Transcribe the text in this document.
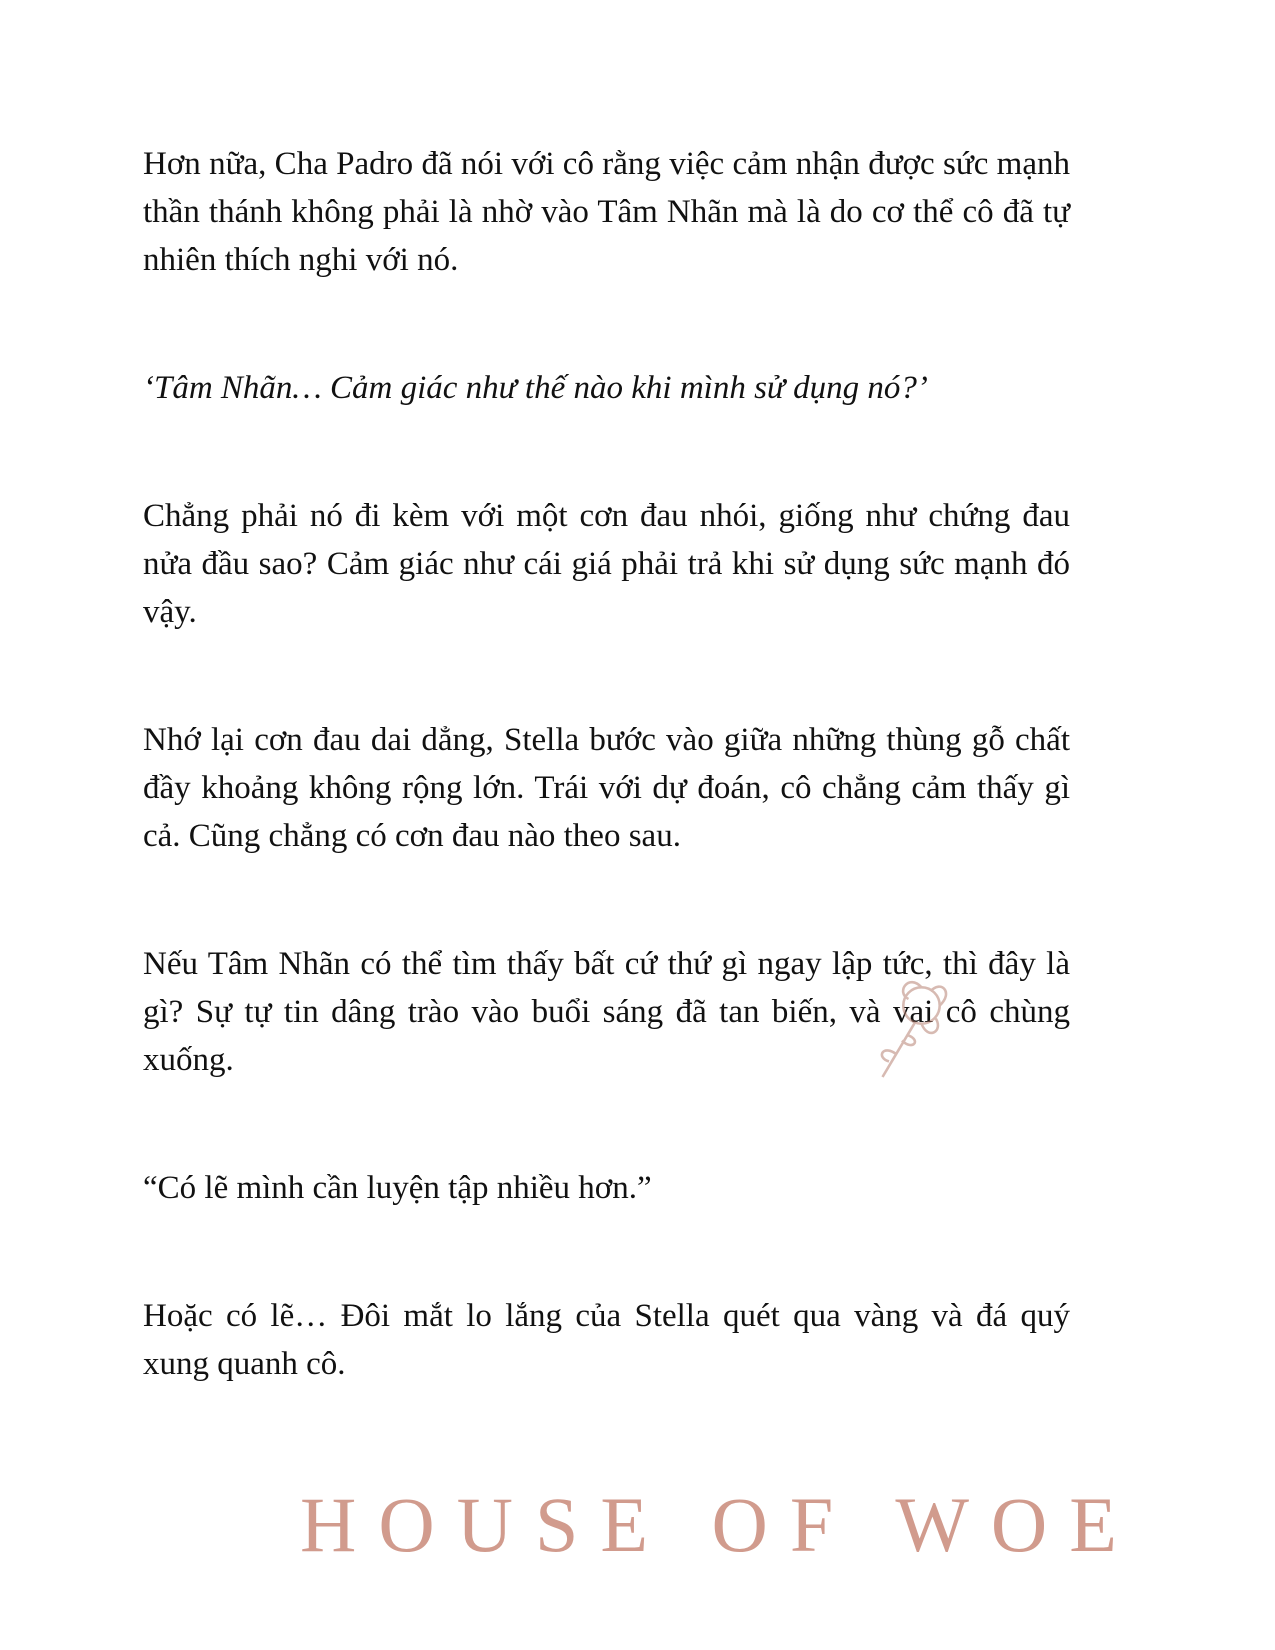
Hơn nữa, Cha Padro đã nói với cô rằng việc cảm nhận được sức mạnh thần thánh không phải là nhờ vào Tâm Nhãn mà là do cơ thể cô đã tự nhiên thích nghi với nó.

‘Tâm Nhãn… Cảm giác như thế nào khi mình sử dụng nó?’

Chẳng phải nó đi kèm với một cơn đau nhói, giống như chứng đau nửa đầu sao? Cảm giác như cái giá phải trả khi sử dụng sức mạnh đó vậy.

Nhớ lại cơn đau dai dẳng, Stella bước vào giữa những thùng gỗ chất đầy khoảng không rộng lớn. Trái với dự đoán, cô chẳng cảm thấy gì cả. Cũng chẳng có cơn đau nào theo sau.

Nếu Tâm Nhãn có thể tìm thấy bất cứ thứ gì ngay lập tức, thì đây là gì? Sự tự tin dâng trào vào buổi sáng đã tan biến, và vai cô chùng xuống.

“Có lẽ mình cần luyện tập nhiều hơn.”

Hoặc có lẽ… Đôi mắt lo lắng của Stella quét qua vàng và đá quý xung quanh cô.

HOUSE OF WOE
